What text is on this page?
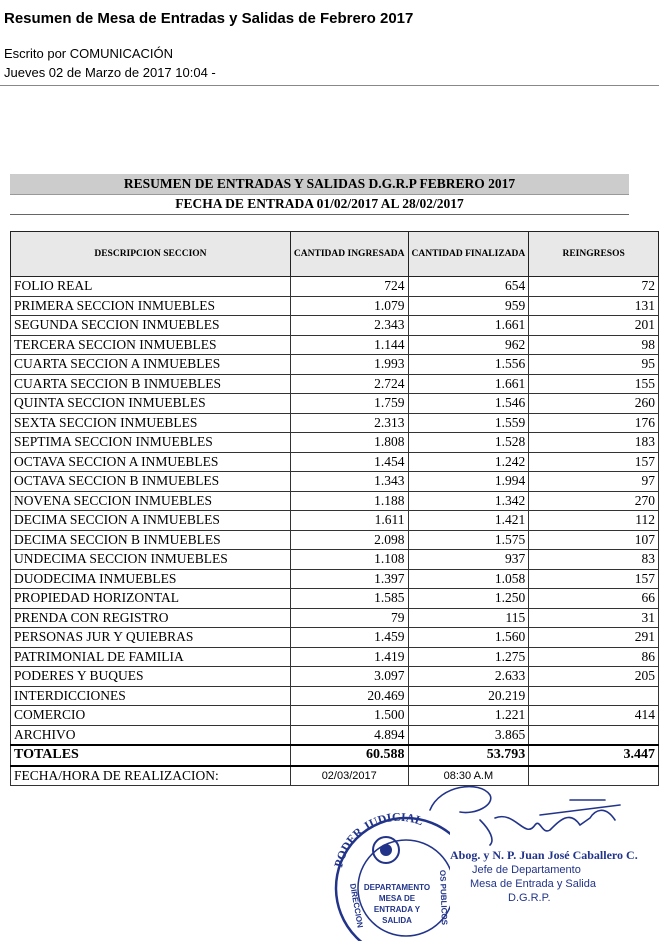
Resumen de Mesa de Entradas y Salidas de Febrero 2017
Escrito por COMUNICACIÓN
Jueves 02 de Marzo de 2017 10:04 -
RESUMEN DE ENTRADAS Y SALIDAS D.G.R.P FEBRERO 2017
FECHA DE ENTRADA 01/02/2017 AL 28/02/2017
DESCRIPCION SECCION	CANTIDAD INGRESADA	CANTIDAD FINALIZADA	REINGRESOS
FOLIO REAL	724	654	72
PRIMERA SECCION INMUEBLES	1.079	959	131
SEGUNDA SECCION INMUEBLES	2.343	1.661	201
TERCERA SECCION INMUEBLES	1.144	962	98
CUARTA SECCION A INMUEBLES	1.993	1.556	95
CUARTA SECCION B INMUEBLES	2.724	1.661	155
QUINTA SECCION INMUEBLES	1.759	1.546	260
SEXTA SECCION INMUEBLES	2.313	1.559	176
SEPTIMA SECCION INMUEBLES	1.808	1.528	183
OCTAVA SECCION A INMUEBLES	1.454	1.242	157
OCTAVA SECCION B INMUEBLES	1.343	1.994	97
NOVENA SECCION INMUEBLES	1.188	1.342	270
DECIMA SECCION A INMUEBLES	1.611	1.421	112
DECIMA SECCION B INMUEBLES	2.098	1.575	107
UNDECIMA SECCION INMUEBLES	1.108	937	83
DUODECIMA INMUEBLES	1.397	1.058	157
PROPIEDAD HORIZONTAL	1.585	1.250	66
PRENDA CON REGISTRO	79	115	31
PERSONAS JUR Y QUIEBRAS	1.459	1.560	291
PATRIMONIAL DE FAMILIA	1.419	1.275	86
PODERES Y BUQUES	3.097	2.633	205
INTERDICCIONES	20.469	20.219	
COMERCIO	1.500	1.221	414
ARCHIVO	4.894	3.865	
TOTALES	60.588	53.793	3.447
FECHA/HORA DE REALIZACION:	02/03/2017	08:30 A.M	
PODER JUDICIAL
DEPARTAMENTO
MESA DE
ENTRADA Y
SALIDA
DIRECCION	OS PUBLICOS
Abog. y N. P. Juan José Caballero C.
Jefe de Departamento
Mesa de Entrada y Salida
D.G.R.P.
